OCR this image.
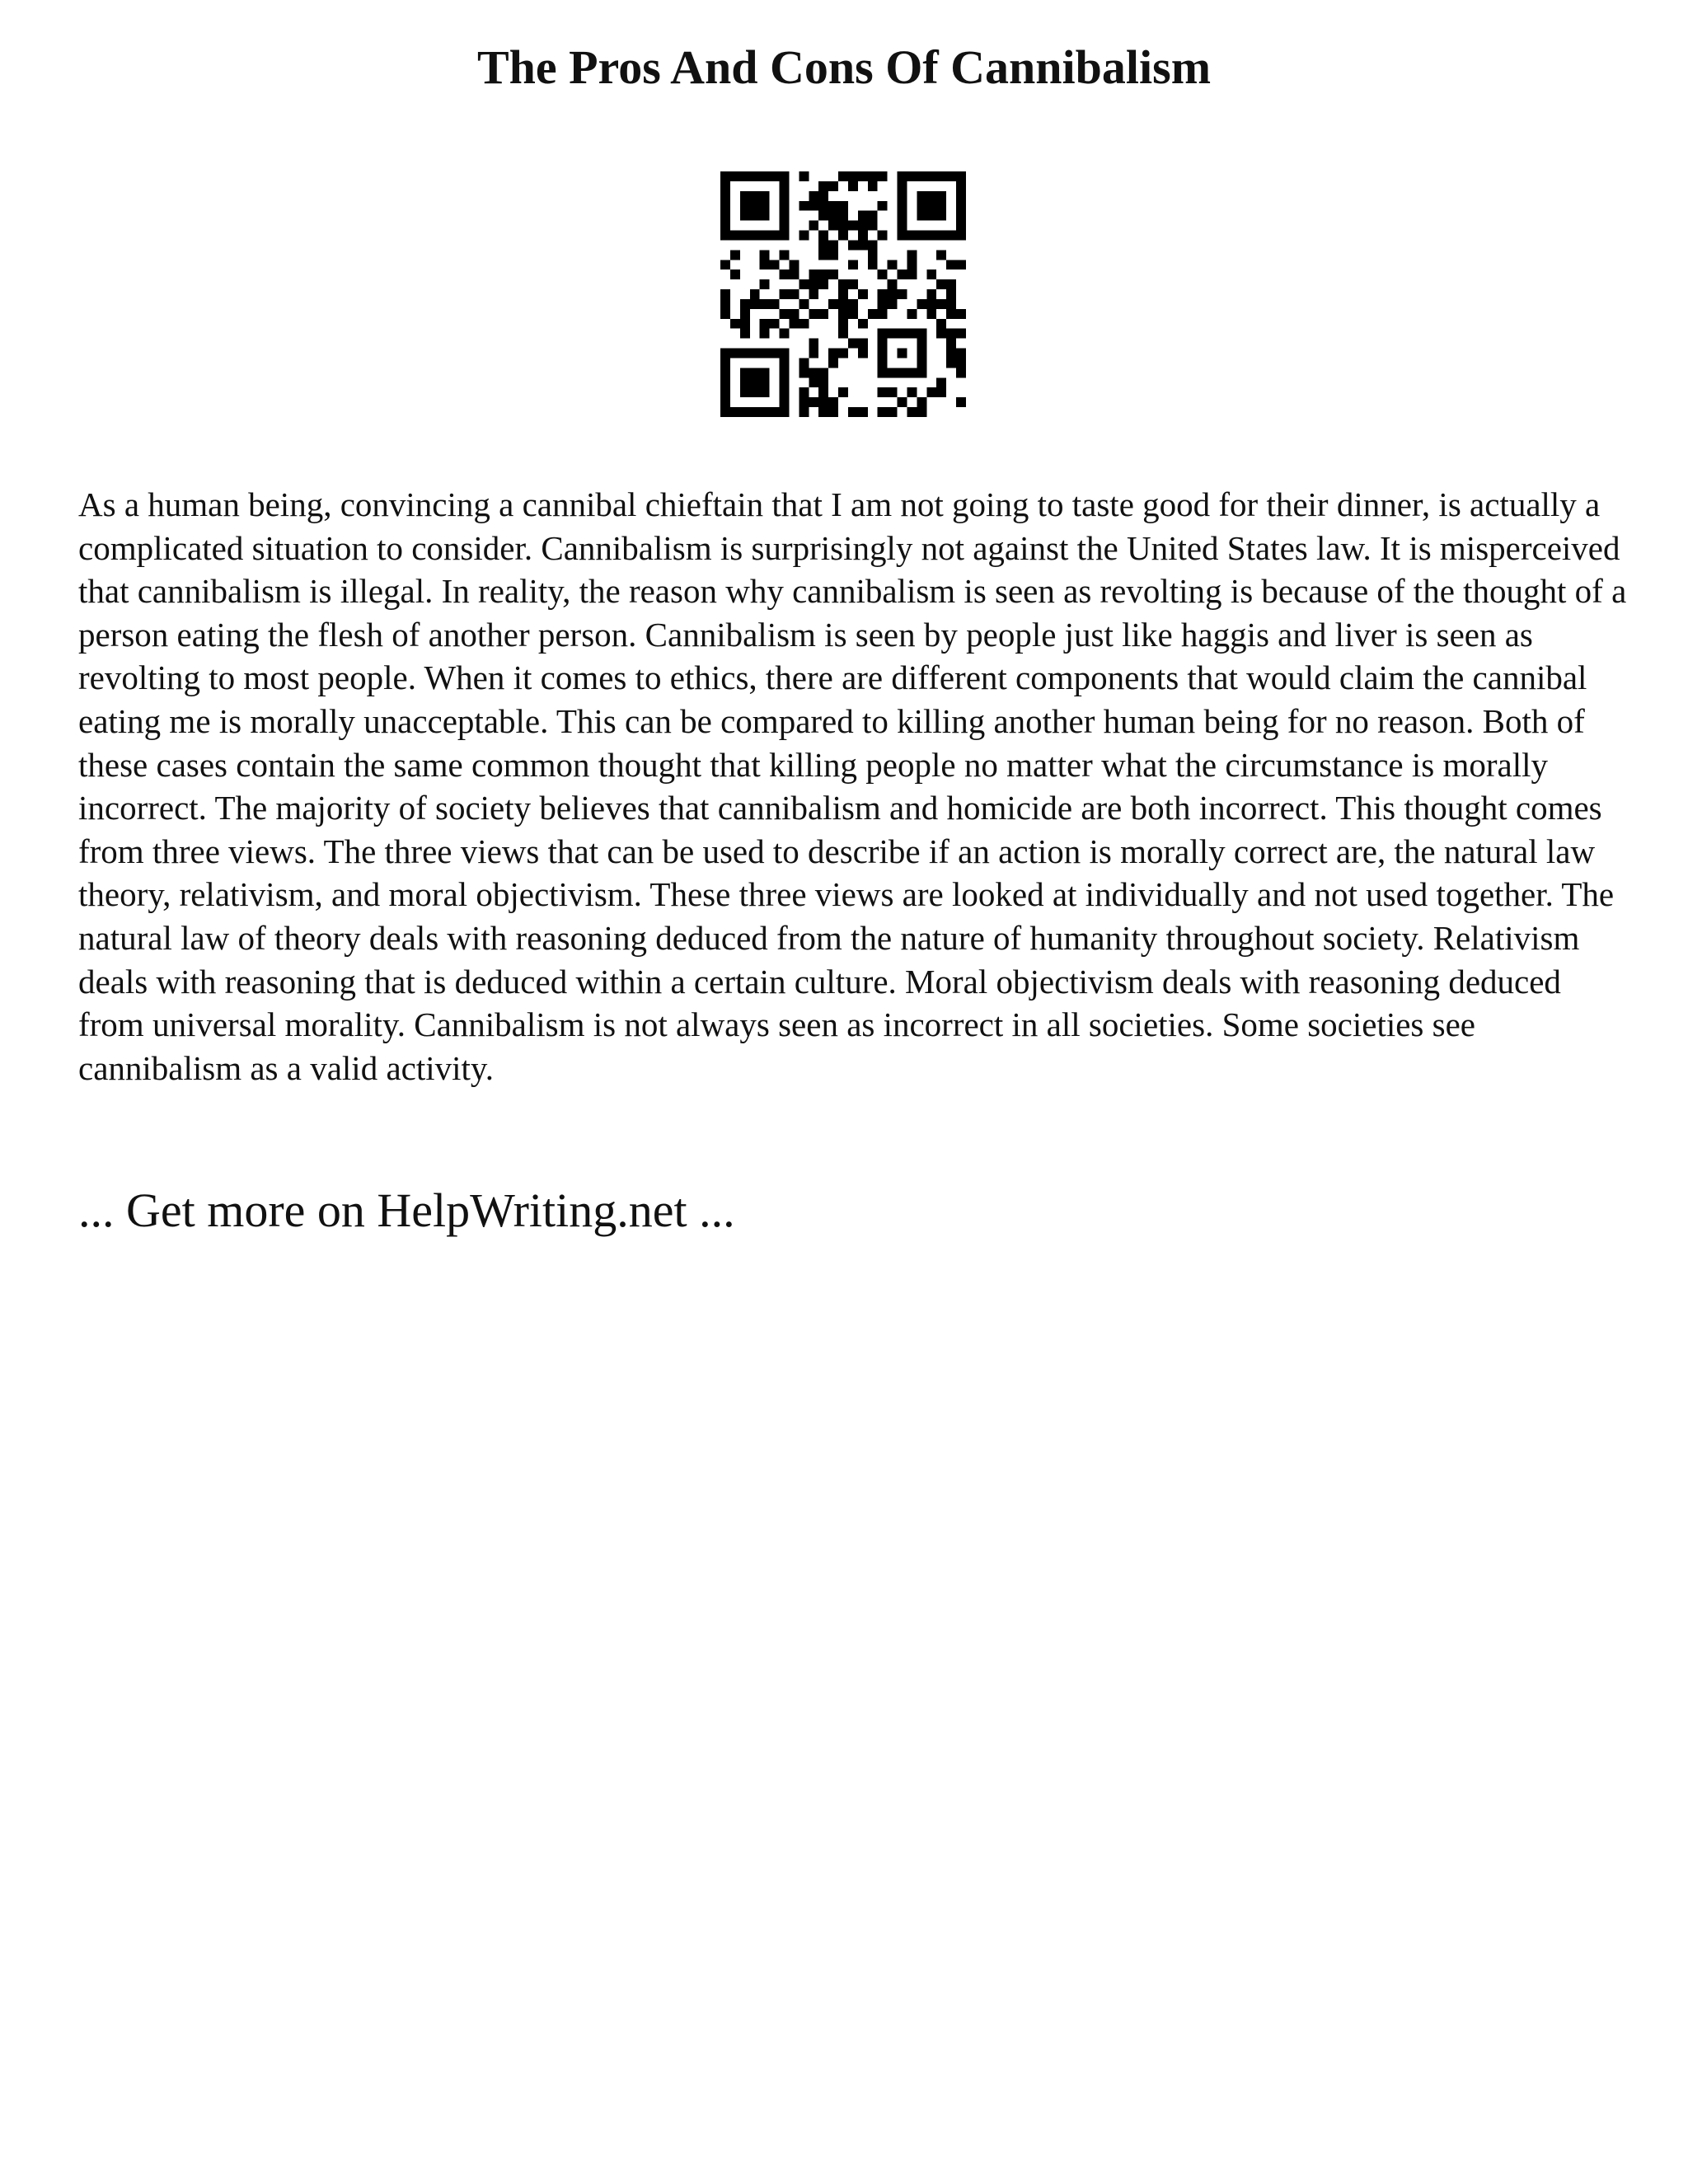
The Pros And Cons Of Cannibalism

As a human being, convincing a cannibal chieftain that I am not going to taste good for their dinner, is actually a complicated situation to consider. Cannibalism is surprisingly not against the United States law. It is misperceived that cannibalism is illegal. In reality, the reason why cannibalism is seen as revolting is because of the thought of a person eating the flesh of another person. Cannibalism is seen by people just like haggis and liver is seen as revolting to most people. When it comes to ethics, there are different components that would claim the cannibal eating me is morally unacceptable. This can be compared to killing another human being for no reason. Both of these cases contain the same common thought that killing people no matter what the circumstance is morally incorrect. The majority of society believes that cannibalism and homicide are both incorrect. This thought comes from three views. The three views that can be used to describe if an action is morally correct are, the natural law theory, relativism, and moral objectivism. These three views are looked at individually and not used together. The natural law of theory deals with reasoning deduced from the nature of humanity throughout society. Relativism deals with reasoning that is deduced within a certain culture. Moral objectivism deals with reasoning deduced from universal morality. Cannibalism is not always seen as incorrect in all societies. Some societies see cannibalism as a valid activity.

... Get more on HelpWriting.net ...
